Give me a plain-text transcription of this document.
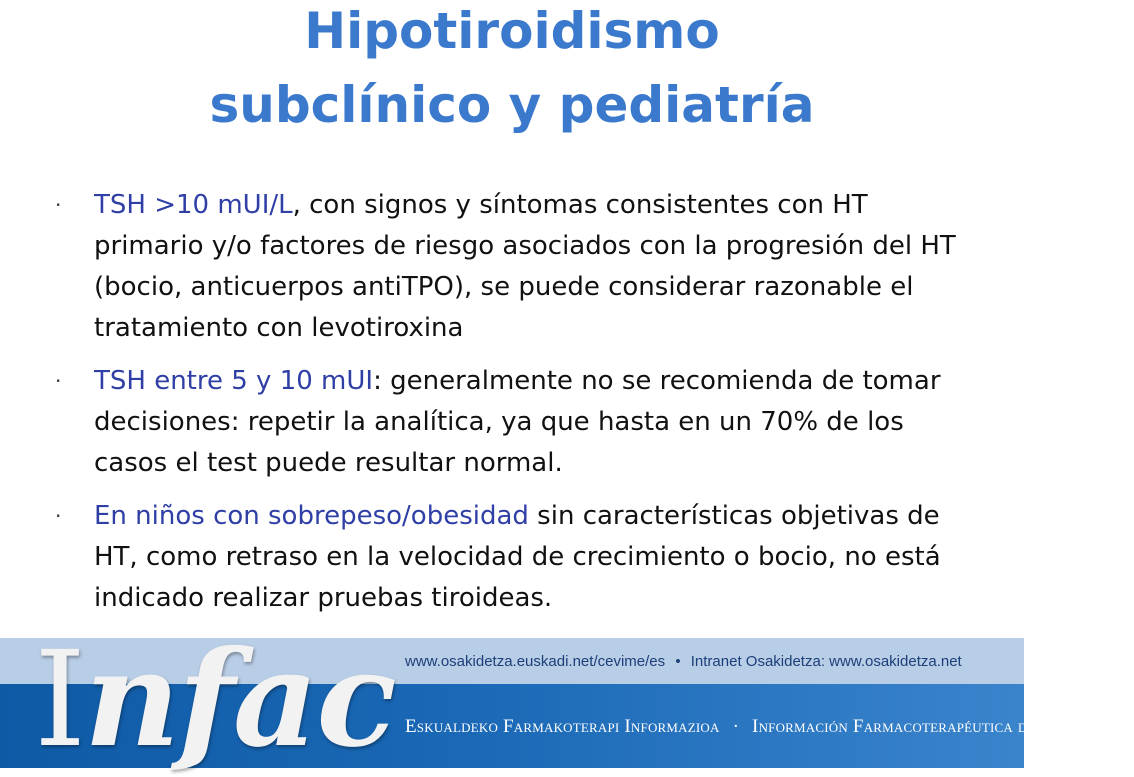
Hipotiroidismo
subclínico y pediatría
· TSH >10 mUI/L, con signos y síntomas consistentes con HT primario y/o factores de riesgo asociados con la progresión del HT (bocio, anticuerpos antiTPO), se puede considerar razonable el tratamiento con levotiroxina
· TSH entre 5 y 10 mUI: generalmente no se recomienda de tomar decisiones: repetir la analítica, ya que hasta en un 70% de los casos el test puede resultar normal.
· En niños con sobrepeso/obesidad sin características objetivas de HT, como retraso en la velocidad de crecimiento o bocio, no está indicado realizar pruebas tiroideas.
Infac www.osakidetza.euskadi.net/cevime/es • Intranet Osakidetza: www.osakidetza.net
Eskualdeko Farmakoterapi Informazioa · Información Farmacoterapéutica de la Comarca
